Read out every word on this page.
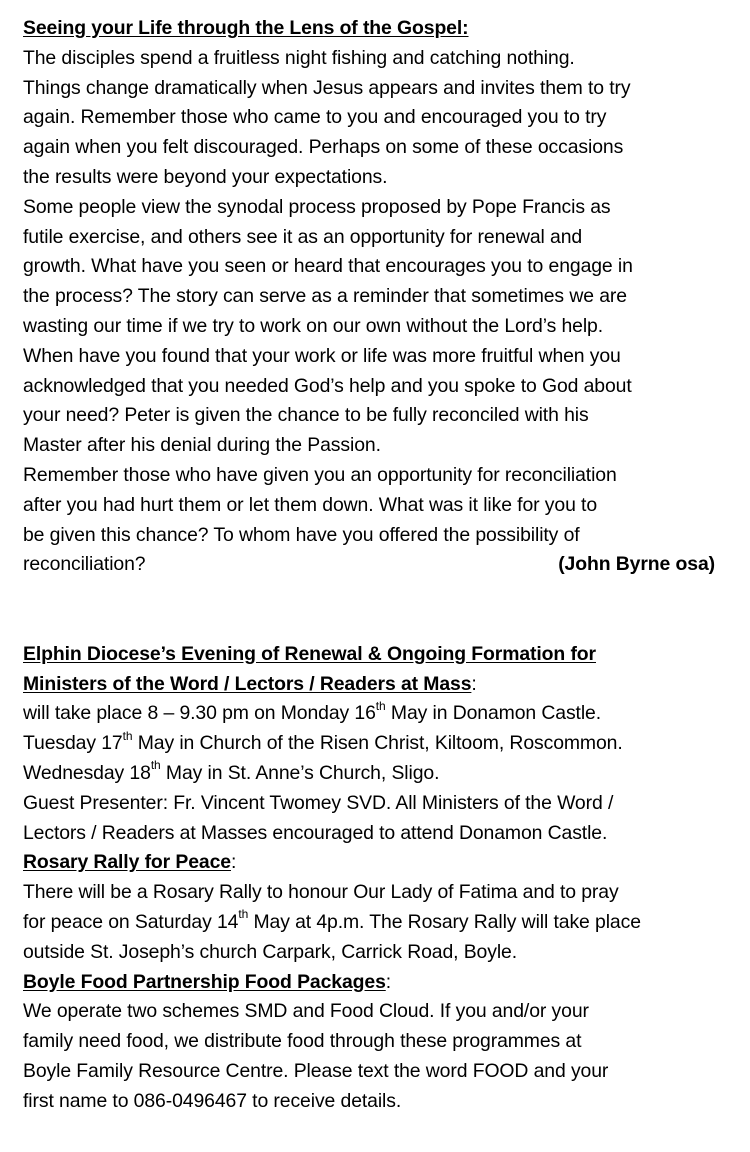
Seeing your Life through the Lens of the Gospel:
The disciples spend a fruitless night fishing and catching nothing.
Things change dramatically when Jesus appears and invites them to try
again. Remember those who came to you and encouraged you to try
again when you felt discouraged. Perhaps on some of these occasions
the results were beyond your expectations.
Some people view the synodal process proposed by Pope Francis as
futile exercise, and others see it as an opportunity for renewal and
growth. What have you seen or heard that encourages you to engage in
the process? The story can serve as a reminder that sometimes we are
wasting our time if we try to work on our own without the Lord’s help.
When have you found that your work or life was more fruitful when you
acknowledged that you needed God’s help and you spoke to God about
your need? Peter is given the chance to be fully reconciled with his
Master after his denial during the Passion.
Remember those who have given you an opportunity for reconciliation
after you had hurt them or let them down. What was it like for you to
be given this chance? To whom have you offered the possibility of
reconciliation?	(John Byrne osa)
Elphin Diocese’s Evening of Renewal & Ongoing Formation for
Ministers of the Word / Lectors / Readers at Mass:
will take place 8 – 9.30 pm on Monday 16th May in Donamon Castle.
Tuesday 17th May in Church of the Risen Christ, Kiltoom, Roscommon.
Wednesday 18th May in St. Anne’s Church, Sligo.
Guest Presenter: Fr. Vincent Twomey SVD. All Ministers of the Word /
Lectors / Readers at Masses encouraged to attend Donamon Castle.
Rosary Rally for Peace:
There will be a Rosary Rally to honour Our Lady of Fatima and to pray
for peace on Saturday 14th May at 4p.m. The Rosary Rally will take place
outside St. Joseph’s church Carpark, Carrick Road, Boyle.
Boyle Food Partnership Food Packages:
We operate two schemes SMD and Food Cloud. If you and/or your
family need food, we distribute food through these programmes at
Boyle Family Resource Centre. Please text the word FOOD and your
first name to 086-0496467 to receive details.
